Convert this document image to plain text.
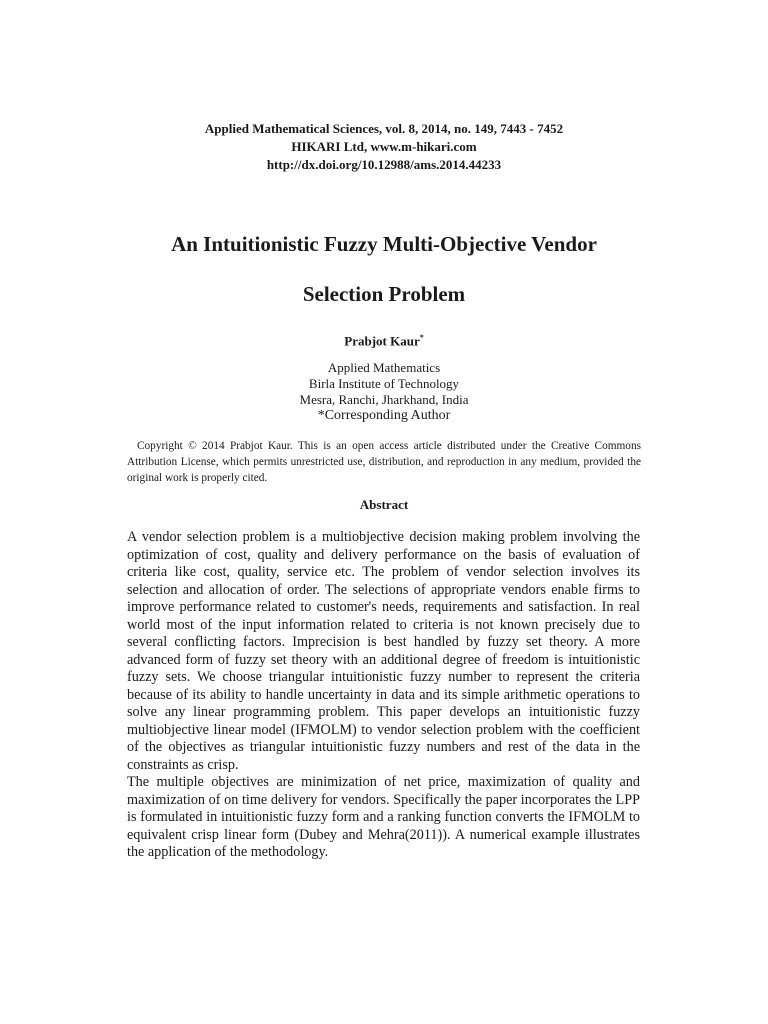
Applied Mathematical Sciences, vol. 8, 2014, no. 149, 7443 - 7452
HIKARI Ltd, www.m-hikari.com
http://dx.doi.org/10.12988/ams.2014.44233
An Intuitionistic Fuzzy Multi-Objective Vendor
Selection Problem
Prabjot Kaur*
Applied Mathematics
Birla Institute of Technology
Mesra, Ranchi, Jharkhand, India
*Corresponding Author
Copyright © 2014 Prabjot Kaur. This is an open access article distributed under the Creative Commons Attribution License, which permits unrestricted use, distribution, and reproduction in any medium, provided the original work is properly cited.
Abstract

A vendor selection problem is a multiobjective decision making problem involving the optimization of cost, quality and delivery performance on the basis of evaluation of criteria like cost, quality, service etc. The problem of vendor selection involves its selection and allocation of order. The selections of appropriate vendors enable firms to improve performance related to customer's needs, requirements and satisfaction. In real world most of the input information related to criteria is not known precisely due to several conflicting factors. Imprecision is best handled by fuzzy set theory. A more advanced form of fuzzy set theory with an additional degree of freedom is intuitionistic fuzzy sets. We choose triangular intuitionistic fuzzy number to represent the criteria because of its ability to handle uncertainty in data and its simple arithmetic operations to solve any linear programming problem. This paper develops an intuitionistic fuzzy multiobjective linear model (IFMOLM) to vendor selection problem with the coefficient of the objectives as triangular intuitionistic fuzzy numbers and rest of the data in the constraints as crisp.

The multiple objectives are minimization of net price, maximization of quality and maximization of on time delivery for vendors. Specifically the paper incorporates the LPP is formulated in intuitionistic fuzzy form and a ranking function converts the IFMOLM to equivalent crisp linear form (Dubey and Mehra(2011)). A numerical example illustrates the application of the methodology.
